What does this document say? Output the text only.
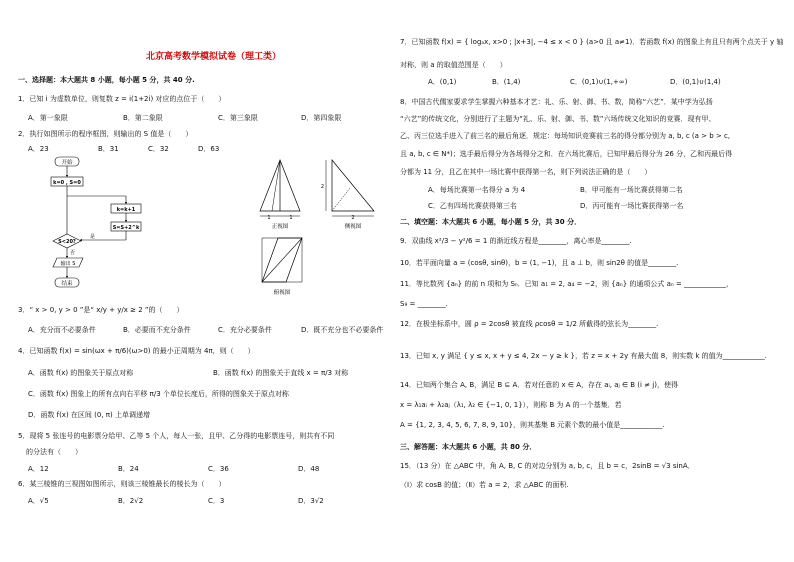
北京高考数学模拟试卷（理工类）
一、选择题：本大题共 8 小题，每小题 5 分，共 40 分.
1．已知 i 为虚数单位，则复数 z = i(1+2i) 对应的点位于（　　）
A．第一象限	B．第二象限	C．第三象限	D．第四象限
2．执行如图所示的程序框图，则输出的 S 值是（　　）
A．23	B．31	C．32	D．63
开始
k=0 , S=0
k=k+1
S=S+2^k
S<20?
是
否
输出 S
结束
1	1
正视图
2
2
侧视图
俯视图
3．“ x > 0, y > 0 ”是“ x/y + y/x ≥ 2 ”的（　　）
A．充分而不必要条件	B．必要而不充分条件	C．充分必要条件	D．既不充分也不必要条件
4．已知函数 f(x) = sin(ωx + π/6)(ω>0) 的最小正周期为 4π，则（　　）
A．函数 f(x) 的图象关于原点对称	B．函数 f(x) 的图象关于直线 x = π/3 对称
C．函数 f(x) 图象上的所有点向右平移 π/3 个单位长度后，所得的图象关于原点对称
D．函数 f(x) 在区间 (0, π) 上单调递增
5．现将 5 张连号的电影票分给甲、乙等 5 个人，每人一张，且甲、乙分得的电影票连号，则共有不同
的分法有（　　）
A．12	B．24	C．36	D．48
6．某三棱锥的三视图如图所示，则该三棱锥最长的棱长为（　　）
A．√5	B．2√2	C．3	D．3√2
7．已知函数 f(x) = { logₐx, x>0 ; |x+3|, −4 ≤ x < 0 } (a>0 且 a≠1)．若函数 f(x) 的图象上有且只有两个点关于 y 轴
对称，则 a 的取值范围是（　　）
A．(0,1)	B．(1,4)	C．(0,1)∪(1,+∞)	D．(0,1)∪(1,4)
8．中国古代儒家要求学生掌握六种基本才艺：礼、乐、射、御、书、数，简称“六艺”．某中学为弘扬
“六艺”的传统文化，分别进行了主题为“礼、乐、射、御、书、数”六场传统文化知识的竞赛．现有甲、
乙、丙三位选手进入了前三名的最后角逐．规定：每场知识竞赛前三名的得分都分别为 a, b, c (a > b > c,
且 a, b, c ∈ N*)；选手最后得分为各场得分之和．在六场比赛后，已知甲最后得分为 26 分，乙和丙最后得
分都为 11 分，且乙在其中一场比赛中获得第一名，则下列说法正确的是（　　）
A．每场比赛第一名得分 a 为 4	B．甲可能有一场比赛获得第二名
C．乙有四场比赛获得第三名	D．丙可能有一场比赛获得第一名
二、填空题：本大题共 6 小题，每小题 5 分，共 30 分．
9．双曲线 x²/3 − y²/6 = 1 的渐近线方程是________，离心率是________.
10．若平面向量 a = (cosθ, sinθ)，b = (1, −1)，且 a ⊥ b，则 sin2θ 的值是________.
11．等比数列 {aₙ} 的前 n 项和为 Sₙ．已知 a₁ = 2, a₄ = −2，则 {aₙ} 的通项公式 aₙ = ____________，
S₉ = ________.
12．在极坐标系中，圆 ρ = 2cosθ 被直线 ρcosθ = 1/2 所截得的弦长为________.
13．已知 x, y 满足 { y ≤ x, x + y ≤ 4, 2x − y ≥ k }，若 z = x + 2y 有最大值 8，则实数 k 的值为____________.
14．已知两个集合 A, B，满足 B ⊆ A．若对任意的 x ∈ A，存在 aᵢ, aⱼ ∈ B (i ≠ j)，使得
x = λ₁aᵢ + λ₂aⱼ（λ₁, λ₂ ∈ {−1, 0, 1}），则称 B 为 A 的一个基集．若
A = {1, 2, 3, 4, 5, 6, 7, 8, 9, 10}，则其基集 B 元素个数的最小值是____________.
三、解答题：本大题共 6 小题，共 80 分．
15．（13 分）在 △ABC 中，角 A, B, C 的对边分别为 a, b, c，且 b = c，2sinB = √3 sinA．
（Ⅰ）求 cosB 的值；（Ⅱ）若 a = 2，求 △ABC 的面积.
